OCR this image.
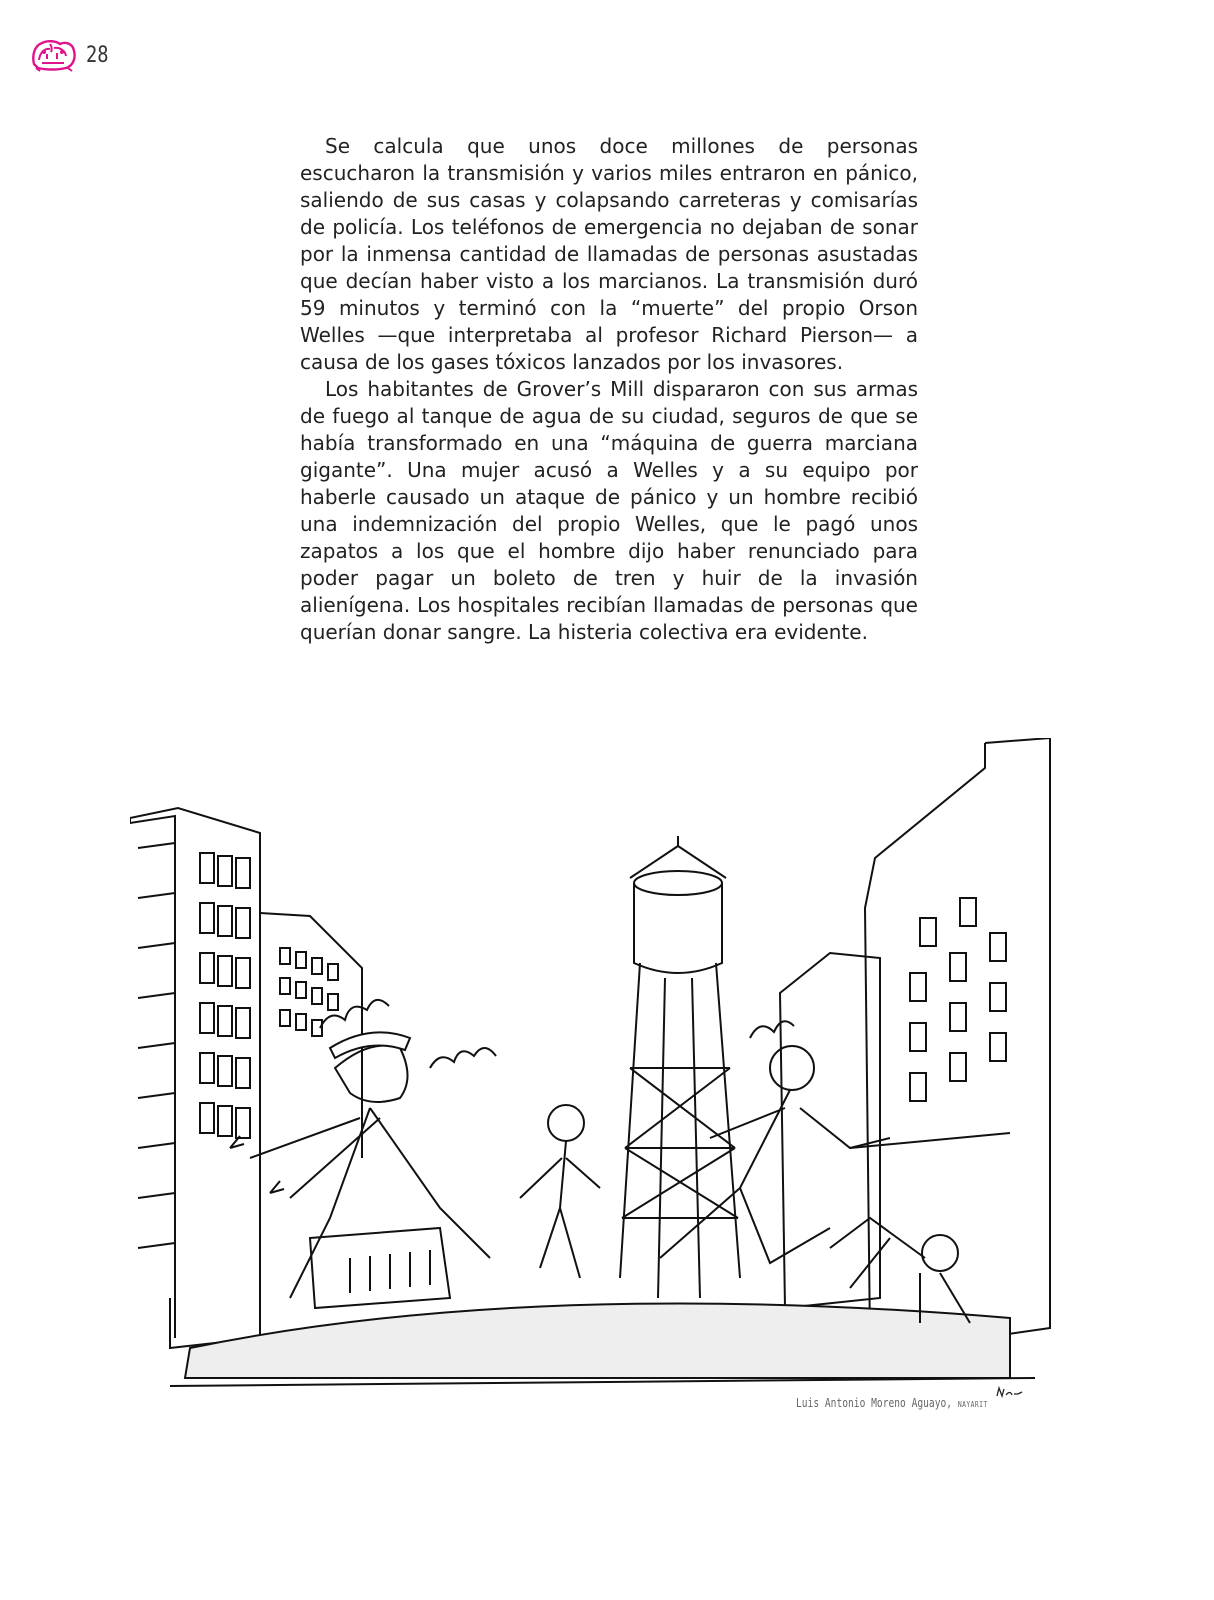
28

Se calcula que unos doce millones de personas escucharon la transmisión y varios miles entraron en pánico, saliendo de sus casas y colapsando carreteras y comisarías de policía. Los teléfonos de emergencia no dejaban de sonar por la inmensa cantidad de llamadas de personas asustadas que decían haber visto a los marcianos. La transmisión duró 59 minutos y terminó con la “muerte” del propio Orson Welles —que interpretaba al profesor Richard Pierson— a causa de los gases tóxicos lanzados por los invasores.

Los habitantes de Grover’s Mill dispararon con sus armas de fuego al tanque de agua de su ciudad, seguros de que se había transformado en una “máquina de guerra marciana gigante”. Una mujer acusó a Welles y a su equipo por haberle causado un ataque de pánico y un hombre recibió una indemnización del propio Welles, que le pagó unos zapatos a los que el hombre dijo haber renunciado para poder pagar un boleto de tren y huir de la invasión alienígena. Los hospitales recibían llamadas de personas que querían donar sangre. La histeria colectiva era evidente.

Luis Antonio Moreno Aguayo, NAYARIT
